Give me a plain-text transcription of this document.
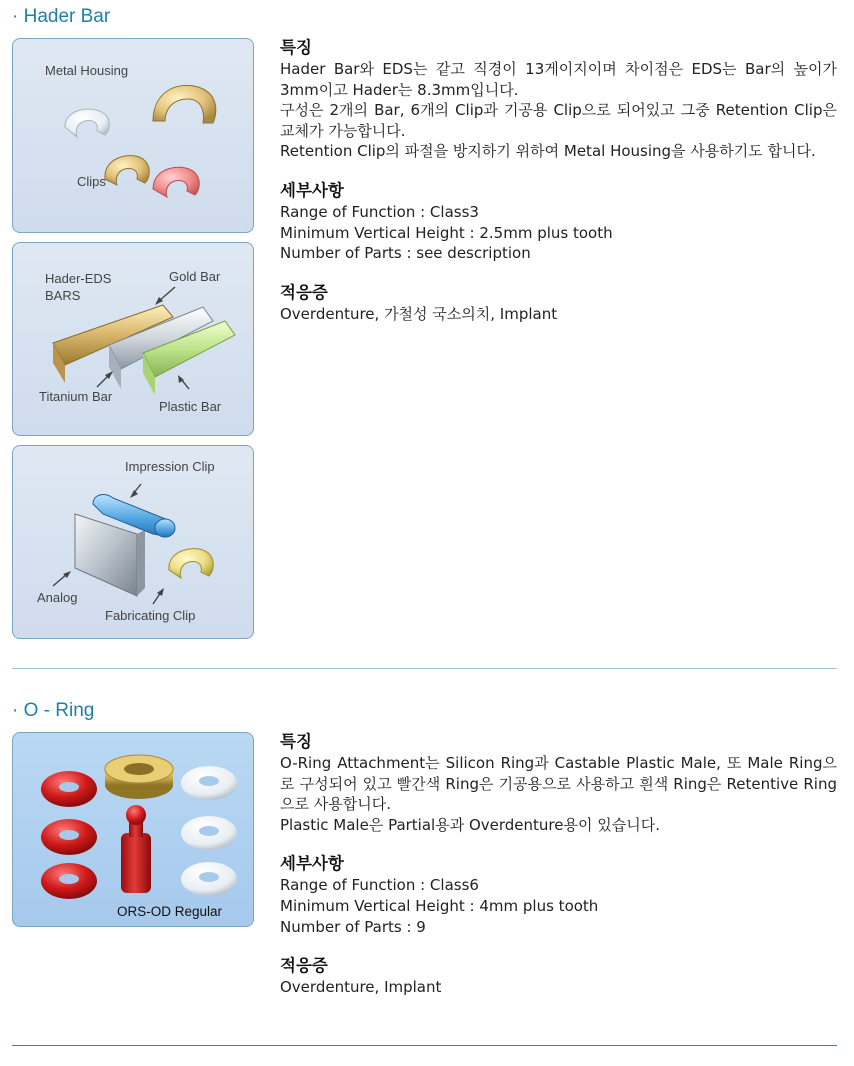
· Hader Bar
Metal Housing
Clips
Hader-EDS
BARS
Gold Bar
Titanium Bar
Plastic Bar
Impression Clip
Analog
Fabricating Clip
특징

Hader Bar와 EDS는 같고 직경이 13게이지이며 차이점은 EDS는 Bar의 높이가 3mm이고 Hader는 8.3mm입니다.

구성은 2개의 Bar, 6개의 Clip과 기공용 Clip으로 되어있고 그중 Retention Clip은 교체가 가능합니다.

Retention Clip의 파절을 방지하기 위하여 Metal Housing을 사용하기도 합니다.

세부사항

Range of Function : Class3

Minimum Vertical Height : 2.5mm plus tooth

Number of Parts : see description

적응증

Overdenture, 가철성 국소의치, Implant

· O - Ring
ORS-OD Regular
특징

O-Ring Attachment는 Silicon Ring과 Castable Plastic Male, 또 Male Ring으로 구성되어 있고 빨간색 Ring은 기공용으로 사용하고 흰색 Ring은 Retentive Ring으로 사용합니다.

Plastic Male은 Partial용과 Overdenture용이 있습니다.

세부사항

Range of Function : Class6

Minimum Vertical Height : 4mm plus tooth

Number of Parts : 9

적응증

Overdenture, Implant
